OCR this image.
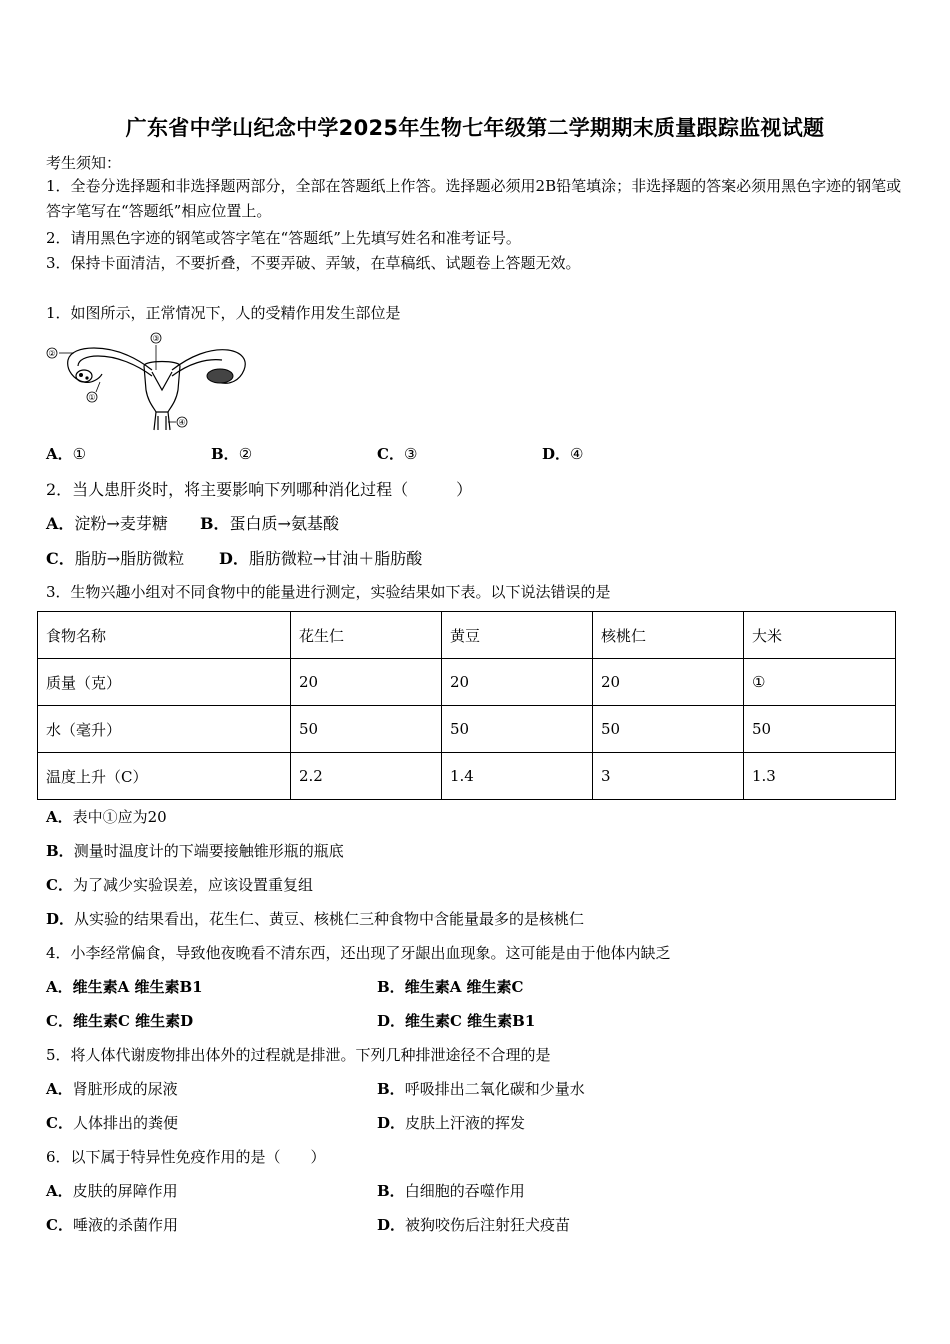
广东省中学山纪念中学2025年生物七年级第二学期期末质量跟踪监视试题
考生须知：
1．全卷分选择题和非选择题两部分，全部在答题纸上作答。选择题必须用2B铅笔填涂；非选择题的答案必须用黑色字迹的钢笔或答字笔写在“答题纸”相应位置上。
2．请用黑色字迹的钢笔或答字笔在“答题纸”上先填写姓名和准考证号。
3．保持卡面清洁，不要折叠，不要弄破、弄皱，在草稿纸、试题卷上答题无效。
1．如图所示，正常情况下，人的受精作用发生部位是
②
③
①
④
A．①	B．②	C．③	D．④
2．当人患肝炎时，将主要影响下列哪种消化过程（　　　）
A．淀粉→麦芽糖 B．蛋白质→氨基酸
C．脂肪→脂肪微粒 D．脂肪微粒→甘油＋脂肪酸
3．生物兴趣小组对不同食物中的能量进行测定，实验结果如下表。以下说法错误的是
食物名称	花生仁	黄豆	核桃仁	大米
质量（克）	20	20	20	①
水（毫升）	50	50	50	50
温度上升（C）	2.2	1.4	3	1.3
A．表中①应为20
B．测量时温度计的下端要接触锥形瓶的瓶底
C．为了减少实验误差，应该设置重复组
D．从实验的结果看出，花生仁、黄豆、核桃仁三种食物中含能量最多的是核桃仁
4．小李经常偏食，导致他夜晚看不清东西，还出现了牙龈出血现象。这可能是由于他体内缺乏
A．维生素A 维生素B1	B．维生素A 维生素C
C．维生素C 维生素D	D．维生素C 维生素B1
5．将人体代谢废物排出体外的过程就是排泄。下列几种排泄途径不合理的是
A．肾脏形成的尿液	B．呼吸排出二氧化碳和少量水
C．人体排出的粪便	D．皮肤上汗液的挥发
6．以下属于特异性免疫作用的是（　　）
A．皮肤的屏障作用	B．白细胞的吞噬作用
C．唾液的杀菌作用	D．被狗咬伤后注射狂犬疫苗
